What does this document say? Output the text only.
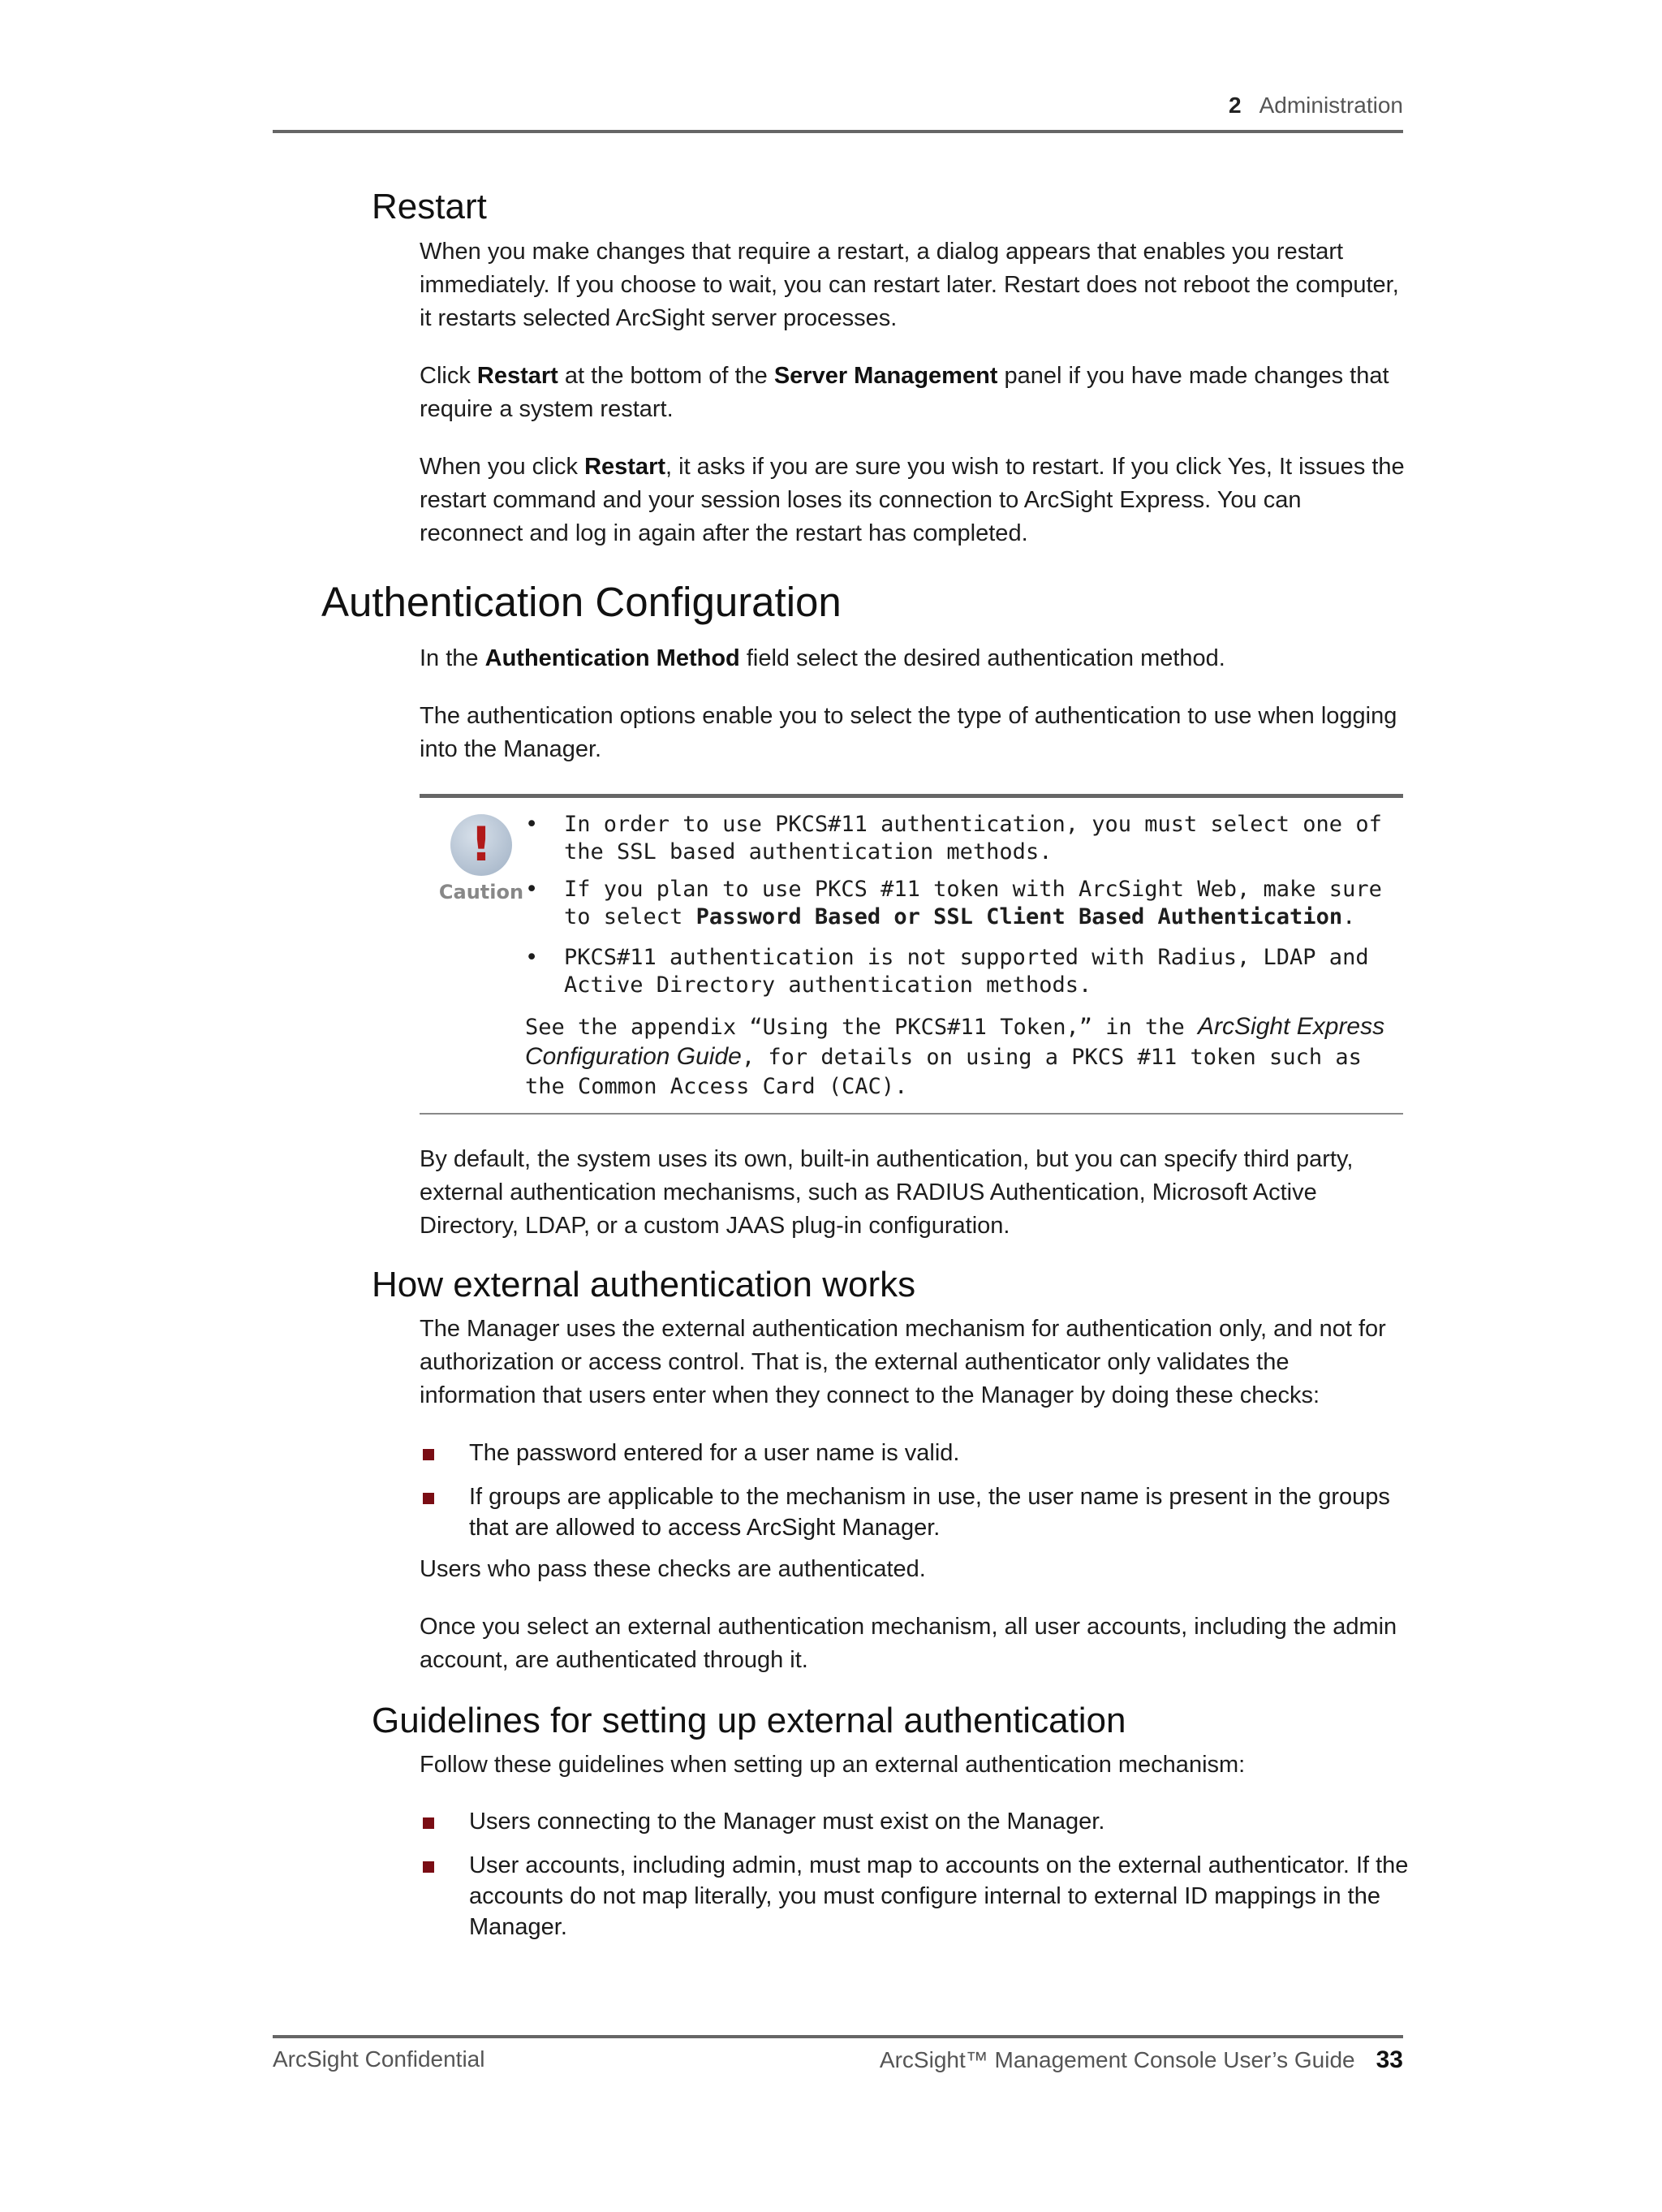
2 Administration
Restart

When you make changes that require a restart, a dialog appears that enables you restart immediately. If you choose to wait, you can restart later. Restart does not reboot the computer, it restarts selected ArcSight server processes.

Click Restart at the bottom of the Server Management panel if you have made changes that require a system restart.

When you click Restart, it asks if you are sure you wish to restart. If you click Yes, It issues the restart command and your session loses its connection to ArcSight Express. You can reconnect and log in again after the restart has completed.

Authentication Configuration

In the Authentication Method field select the desired authentication method.

The authentication options enable you to select the type of authentication to use when logging into the Manager.

!
Caution
• In order to use PKCS#11 authentication, you must select one of the SSL based authentication methods.
• If you plan to use PKCS #11 token with ArcSight Web, make sure to select Password Based or SSL Client Based Authentication.
• PKCS#11 authentication is not supported with Radius, LDAP and Active Directory authentication methods.
See the appendix “Using the PKCS#11 Token,” in the ArcSight Express Configuration Guide, for details on using a PKCS #11 token such as the Common Access Card (CAC).

By default, the system uses its own, built-in authentication, but you can specify third party, external authentication mechanisms, such as RADIUS Authentication, Microsoft Active Directory, LDAP, or a custom JAAS plug-in configuration.

How external authentication works

The Manager uses the external authentication mechanism for authentication only, and not for authorization or access control. That is, the external authenticator only validates the information that users enter when they connect to the Manager by doing these checks:

The password entered for a user name is valid.
If groups are applicable to the mechanism in use, the user name is present in the groups that are allowed to access ArcSight Manager.

Users who pass these checks are authenticated.

Once you select an external authentication mechanism, all user accounts, including the admin account, are authenticated through it.

Guidelines for setting up external authentication

Follow these guidelines when setting up an external authentication mechanism:

Users connecting to the Manager must exist on the Manager.
User accounts, including admin, must map to accounts on the external authenticator. If the accounts do not map literally, you must configure internal to external ID mappings in the Manager.
ArcSight Confidential	ArcSight™ Management Console User’s Guide 33
